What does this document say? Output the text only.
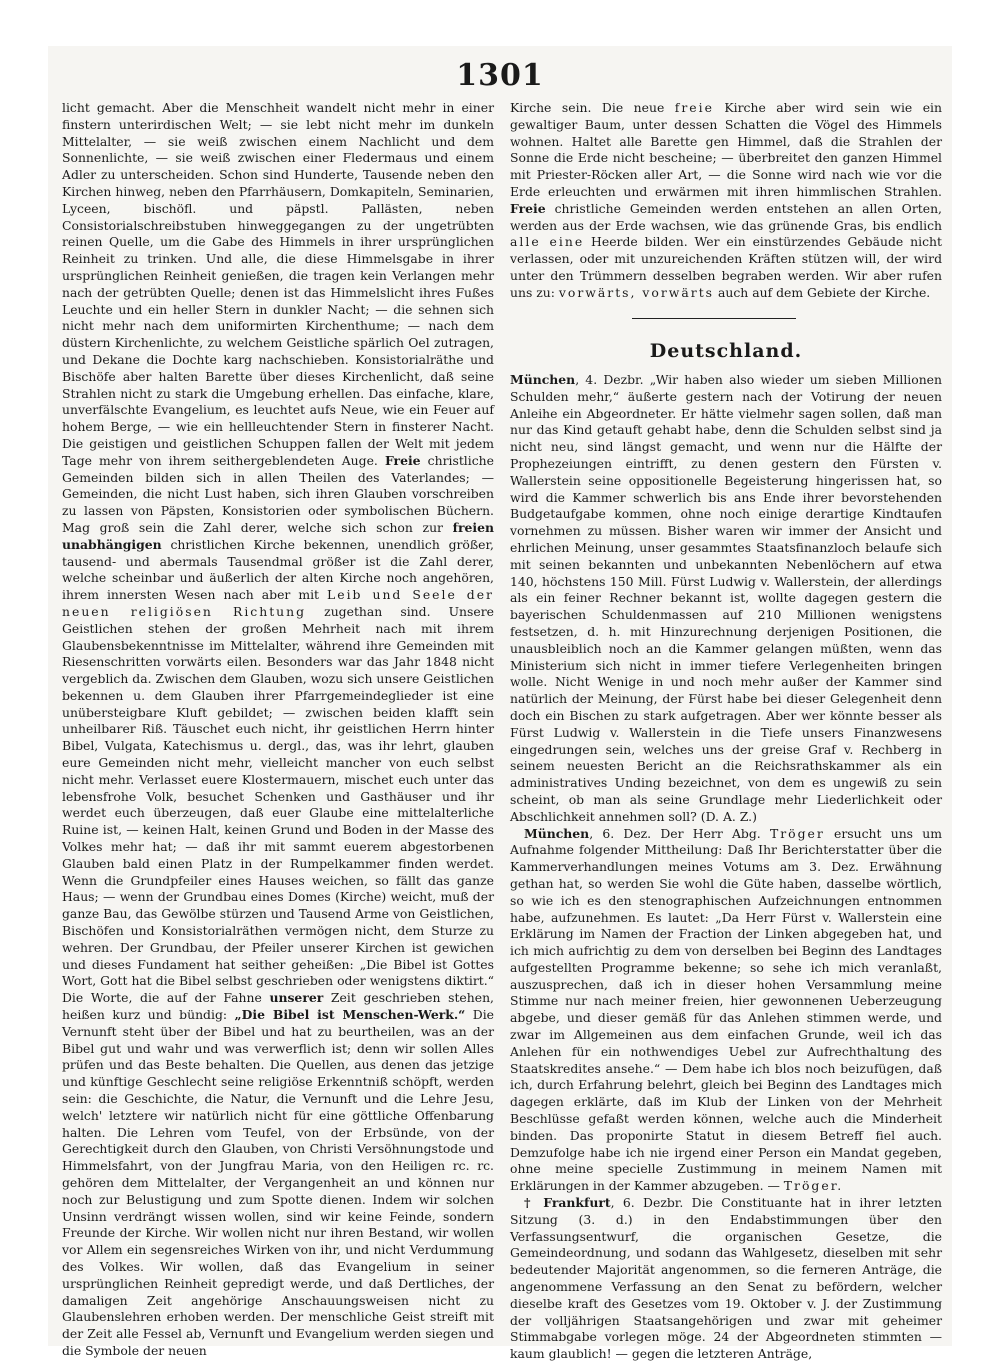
1301

licht gemacht. Aber die Menschheit wandelt nicht mehr in einer finstern unterirdischen Welt; — sie lebt nicht mehr im dunkeln Mittelalter, — sie weiß zwischen einem Nachlicht und dem Sonnenlichte, — sie weiß zwischen einer Fledermaus und einem Adler zu unterscheiden. Schon sind Hunderte, Tausende neben den Kirchen hinweg, neben den Pfarrhäusern, Domkapiteln, Seminarien, Lyceen, bischöfl. und päpstl. Pallästen, neben Consistorialschreibstuben hinweggegangen zu der ungetrübten reinen Quelle, um die Gabe des Himmels in ihrer ursprünglichen Reinheit zu trinken. Und alle, die diese Himmelsgabe in ihrer ursprünglichen Reinheit genießen, die tragen kein Verlangen mehr nach der getrübten Quelle; denen ist das Himmelslicht ihres Fußes Leuchte und ein heller Stern in dunkler Nacht; — die sehnen sich nicht mehr nach dem uniformirten Kirchenthume; — nach dem düstern Kirchenlichte, zu welchem Geistliche spärlich Oel zutragen, und Dekane die Dochte karg nachschieben. Konsistorialräthe und Bischöfe aber halten Barette über dieses Kirchenlicht, daß seine Strahlen nicht zu stark die Umgebung erhellen. Das einfache, klare, unverfälschte Evangelium, es leuchtet aufs Neue, wie ein Feuer auf hohem Berge, — wie ein hellleuchtender Stern in finsterer Nacht. Die geistigen und geistlichen Schuppen fallen der Welt mit jedem Tage mehr von ihrem seithergeblendeten Auge. Freie christliche Gemeinden bilden sich in allen Theilen des Vaterlandes; — Gemeinden, die nicht Lust haben, sich ihren Glauben vorschreiben zu lassen von Päpsten, Konsistorien oder symbolischen Büchern. Mag groß sein die Zahl derer, welche sich schon zur freien unabhängigen christlichen Kirche bekennen, unendlich größer, tausend- und abermals Tausendmal größer ist die Zahl derer, welche scheinbar und äußerlich der alten Kirche noch angehören, ihrem innersten Wesen nach aber mit Leib und Seele der neuen religiösen Richtung zugethan sind. Unsere Geistlichen stehen der großen Mehrheit nach mit ihrem Glaubensbekenntnisse im Mittelalter, während ihre Gemeinden mit Riesenschritten vorwärts eilen. Besonders war das Jahr 1848 nicht vergeblich da. Zwischen dem Glauben, wozu sich unsere Geistlichen bekennen u. dem Glauben ihrer Pfarrgemeindeglieder ist eine unübersteigbare Kluft gebildet; — zwischen beiden klafft sein unheilbarer Riß. Täuschet euch nicht, ihr geistlichen Herrn hinter Bibel, Vulgata, Katechismus u. dergl., das, was ihr lehrt, glauben eure Gemeinden nicht mehr, vielleicht mancher von euch selbst nicht mehr. Verlasset euere Klostermauern, mischet euch unter das lebensfrohe Volk, besuchet Schenken und Gasthäuser und ihr werdet euch überzeugen, daß euer Glaube eine mittelalterliche Ruine ist, — keinen Halt, keinen Grund und Boden in der Masse des Volkes mehr hat; — daß ihr mit sammt euerem abgestorbenen Glauben bald einen Platz in der Rumpelkammer finden werdet. Wenn die Grundpfeiler eines Hauses weichen, so fällt das ganze Haus; — wenn der Grundbau eines Domes (Kirche) weicht, muß der ganze Bau, das Gewölbe stürzen und Tausend Arme von Geistlichen, Bischöfen und Konsistorialräthen vermögen nicht, dem Sturze zu wehren. Der Grundbau, der Pfeiler unserer Kirchen ist gewichen und dieses Fundament hat seither geheißen: „Die Bibel ist Gottes Wort, Gott hat die Bibel selbst geschrieben oder wenigstens diktirt.“ Die Worte, die auf der Fahne unserer Zeit geschrieben stehen, heißen kurz und bündig: „Die Bibel ist Menschen-Werk.“ Die Vernunft steht über der Bibel und hat zu beurtheilen, was an der Bibel gut und wahr und was verwerflich ist; denn wir sollen Alles prüfen und das Beste behalten. Die Quellen, aus denen das jetzige und künftige Geschlecht seine religiöse Erkenntniß schöpft, werden sein: die Geschichte, die Natur, die Vernunft und die Lehre Jesu, welch' letztere wir natürlich nicht für eine göttliche Offenbarung halten. Die Lehren vom Teufel, von der Erbsünde, von der Gerechtigkeit durch den Glauben, von Christi Versöhnungstode und Himmelsfahrt, von der Jungfrau Maria, von den Heiligen rc. rc. gehören dem Mittelalter, der Vergangenheit an und können nur noch zur Belustigung und zum Spotte dienen. Indem wir solchen Unsinn verdrängt wissen wollen, sind wir keine Feinde, sondern Freunde der Kirche. Wir wollen nicht nur ihren Bestand, wir wollen vor Allem ein segensreiches Wirken von ihr, und nicht Verdummung des Volkes. Wir wollen, daß das Evangelium in seiner ursprünglichen Reinheit gepredigt werde, und daß Dertliches, der damaligen Zeit angehörige Anschauungsweisen nicht zu Glaubenslehren erhoben werden. Der menschliche Geist streift mit der Zeit alle Fessel ab, Vernunft und Evangelium werden siegen und die Symbole der neuen

Kirche sein. Die neue freie Kirche aber wird sein wie ein gewaltiger Baum, unter dessen Schatten die Vögel des Himmels wohnen. Haltet alle Barette gen Himmel, daß die Strahlen der Sonne die Erde nicht bescheine; — überbreitet den ganzen Himmel mit Priester-Röcken aller Art, — die Sonne wird nach wie vor die Erde erleuchten und erwärmen mit ihren himmlischen Strahlen. Freie christliche Gemeinden werden entstehen an allen Orten, werden aus der Erde wachsen, wie das grünende Gras, bis endlich alle eine Heerde bilden. Wer ein einstürzendes Gebäude nicht verlassen, oder mit unzureichenden Kräften stützen will, der wird unter den Trümmern desselben begraben werden. Wir aber rufen uns zu: vorwärts, vorwärts auch auf dem Gebiete der Kirche.

Deutschland.

München, 4. Dezbr. „Wir haben also wieder um sieben Millionen Schulden mehr,“ äußerte gestern nach der Votirung der neuen Anleihe ein Abgeordneter. Er hätte vielmehr sagen sollen, daß man nur das Kind getauft gehabt habe, denn die Schulden selbst sind ja nicht neu, sind längst gemacht, und wenn nur die Hälfte der Prophezeiungen eintrifft, zu denen gestern den Fürsten v. Wallerstein seine oppositionelle Begeisterung hingerissen hat, so wird die Kammer schwerlich bis ans Ende ihrer bevorstehenden Budgetaufgabe kommen, ohne noch einige derartige Kindtaufen vornehmen zu müssen. Bisher waren wir immer der Ansicht und ehrlichen Meinung, unser gesammtes Staatsfinanzloch belaufe sich mit seinen bekannten und unbekannten Nebenlöchern auf etwa 140, höchstens 150 Mill. Fürst Ludwig v. Wallerstein, der allerdings als ein feiner Rechner bekannt ist, wollte dagegen gestern die bayerischen Schuldenmassen auf 210 Millionen wenigstens festsetzen, d. h. mit Hinzurechnung derjenigen Positionen, die unausbleiblich noch an die Kammer gelangen müßten, wenn das Ministerium sich nicht in immer tiefere Verlegenheiten bringen wolle. Nicht Wenige in und noch mehr außer der Kammer sind natürlich der Meinung, der Fürst habe bei dieser Gelegenheit denn doch ein Bischen zu stark aufgetragen. Aber wer könnte besser als Fürst Ludwig v. Wallerstein in die Tiefe unsers Finanzwesens eingedrungen sein, welches uns der greise Graf v. Rechberg in seinem neuesten Bericht an die Reichsrathskammer als ein administratives Unding bezeichnet, von dem es ungewiß zu sein scheint, ob man als seine Grundlage mehr Liederlichkeit oder Abschlichkeit annehmen soll? (D. A. Z.)

München, 6. Dez. Der Herr Abg. Tröger ersucht uns um Aufnahme folgender Mittheilung: Daß Ihr Berichterstatter über die Kammerverhandlungen meines Votums am 3. Dez. Erwähnung gethan hat, so werden Sie wohl die Güte haben, dasselbe wörtlich, so wie ich es den stenographischen Aufzeichnungen entnommen habe, aufzunehmen. Es lautet: „Da Herr Fürst v. Wallerstein eine Erklärung im Namen der Fraction der Linken abgegeben hat, und ich mich aufrichtig zu dem von derselben bei Beginn des Landtages aufgestellten Programme bekenne; so sehe ich mich veranlaßt, auszusprechen, daß ich in dieser hohen Versammlung meine Stimme nur nach meiner freien, hier gewonnenen Ueberzeugung abgebe, und dieser gemäß für das Anlehen stimmen werde, und zwar im Allgemeinen aus dem einfachen Grunde, weil ich das Anlehen für ein nothwendiges Uebel zur Aufrechthaltung des Staatskredites ansehe.“ — Dem habe ich blos noch beizufügen, daß ich, durch Erfahrung belehrt, gleich bei Beginn des Landtages mich dagegen erklärte, daß im Klub der Linken von der Mehrheit Beschlüsse gefaßt werden können, welche auch die Minderheit binden. Das proponirte Statut in diesem Betreff fiel auch. Demzufolge habe ich nie irgend einer Person ein Mandat gegeben, ohne meine specielle Zustimmung in meinem Namen mit Erklärungen in der Kammer abzugeben. — Tröger.

† Frankfurt, 6. Dezbr. Die Constituante hat in ihrer letzten Sitzung (3. d.) in den Endabstimmungen über den Verfassungsentwurf, die organischen Gesetze, die Gemeindeordnung, und sodann das Wahlgesetz, dieselben mit sehr bedeutender Majorität angenommen, so die ferneren Anträge, die angenommene Verfassung an den Senat zu befördern, welcher dieselbe kraft des Gesetzes vom 19. Oktober v. J. der Zustimmung der volljährigen Staatsangehörigen und zwar mit geheimer Stimmabgabe vorlegen möge. 24 der Abgeordneten stimmten — kaum glaublich! — gegen die letzteren Anträge,
